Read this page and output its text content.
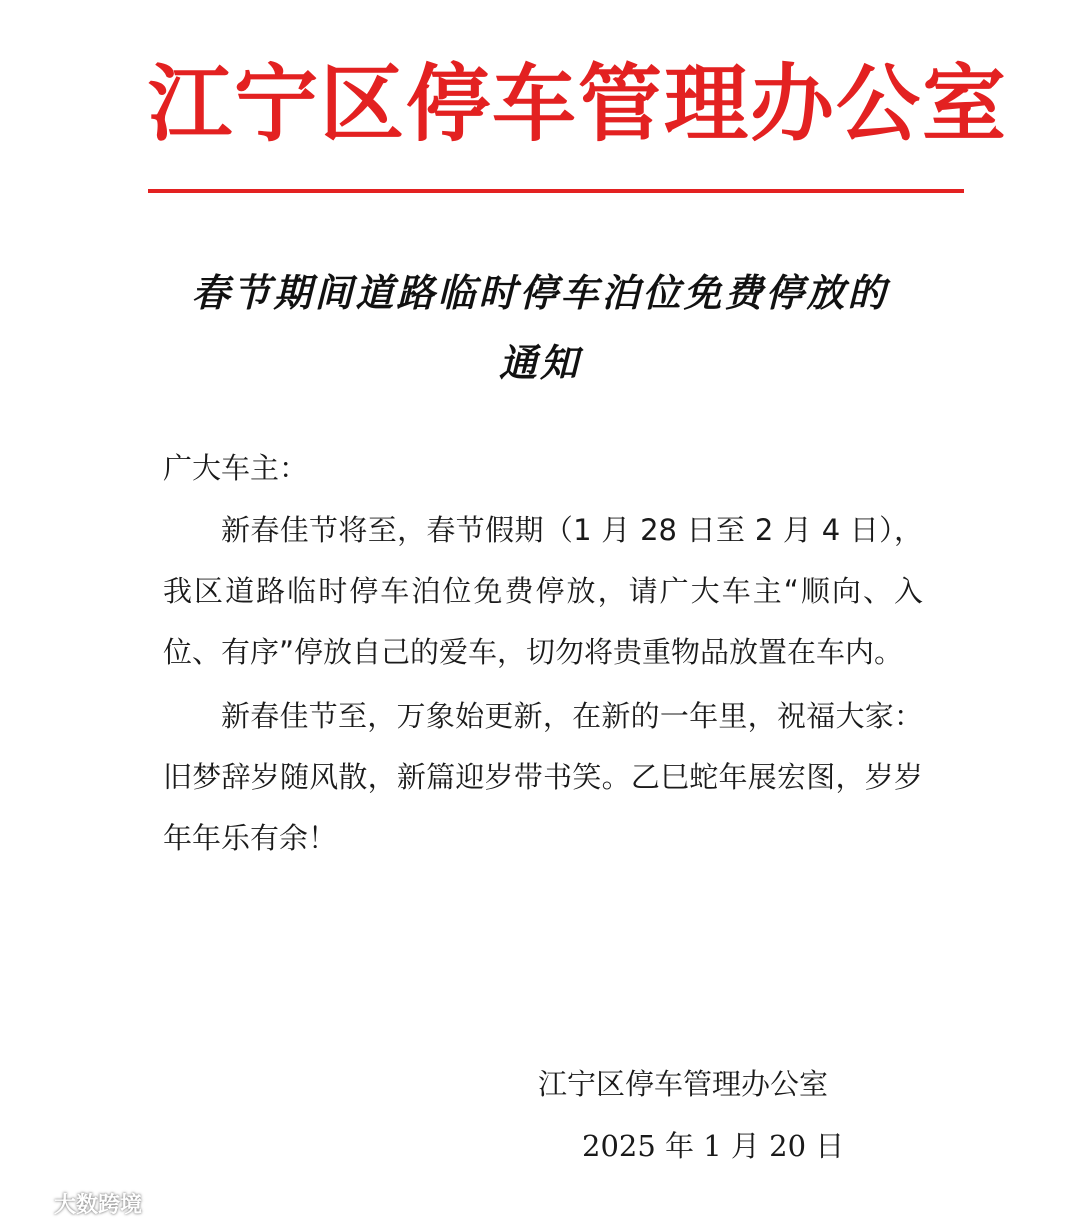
江宁区停车管理办公室
春节期间道路临时停车泊位免费停放的
通知
广大车主：
新春佳节将至，春节假期（1 月 28 日至 2 月 4 日），我区道路临时停车泊位免费停放，请广大车主“顺向、入位、有序”停放自己的爱车，切勿将贵重物品放置在车内。
新春佳节至，万象始更新，在新的一年里，祝福大家：旧梦辞岁随风散，新篇迎岁带书笑。乙巳蛇年展宏图，岁岁年年乐有余！
江宁区停车管理办公室
2025 年 1 月 20 日
大数跨境
